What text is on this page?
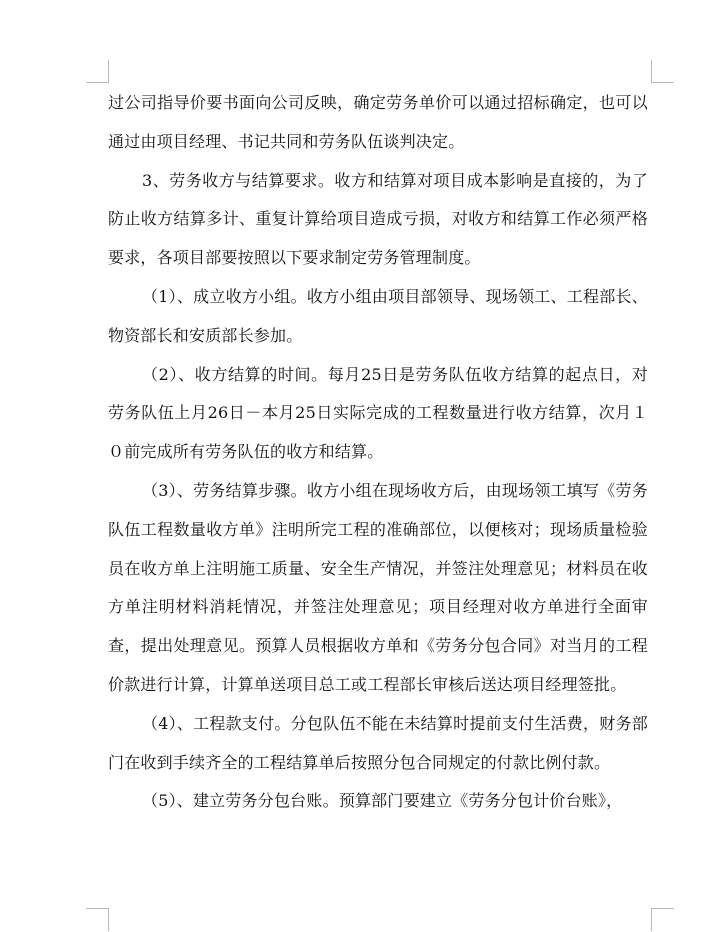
过公司指导价要书面向公司反映，确定劳务单价可以通过招标确定，也可以通过由项目经理、书记共同和劳务队伍谈判决定。

3、劳务收方与结算要求。收方和结算对项目成本影响是直接的，为了防止收方结算多计、重复计算给项目造成亏损，对收方和结算工作必须严格要求，各项目部要按照以下要求制定劳务管理制度。

（1）、成立收方小组。收方小组由项目部领导、现场领工、工程部长、物资部长和安质部长参加。

（2）、收方结算的时间。每月25日是劳务队伍收方结算的起点日，对劳务队伍上月26日－本月25日实际完成的工程数量进行收方结算，次月１０前完成所有劳务队伍的收方和结算。

（3）、劳务结算步骤。收方小组在现场收方后，由现场领工填写《劳务队伍工程数量收方单》注明所完工程的准确部位，以便核对；现场质量检验员在收方单上注明施工质量、安全生产情况，并签注处理意见；材料员在收方单注明材料消耗情况，并签注处理意见；项目经理对收方单进行全面审查，提出处理意见。预算人员根据收方单和《劳务分包合同》对当月的工程价款进行计算，计算单送项目总工或工程部长审核后送达项目经理签批。

（4）、工程款支付。分包队伍不能在未结算时提前支付生活费，财务部门在收到手续齐全的工程结算单后按照分包合同规定的付款比例付款。

（5）、建立劳务分包台账。预算部门要建立《劳务分包计价台账》，
